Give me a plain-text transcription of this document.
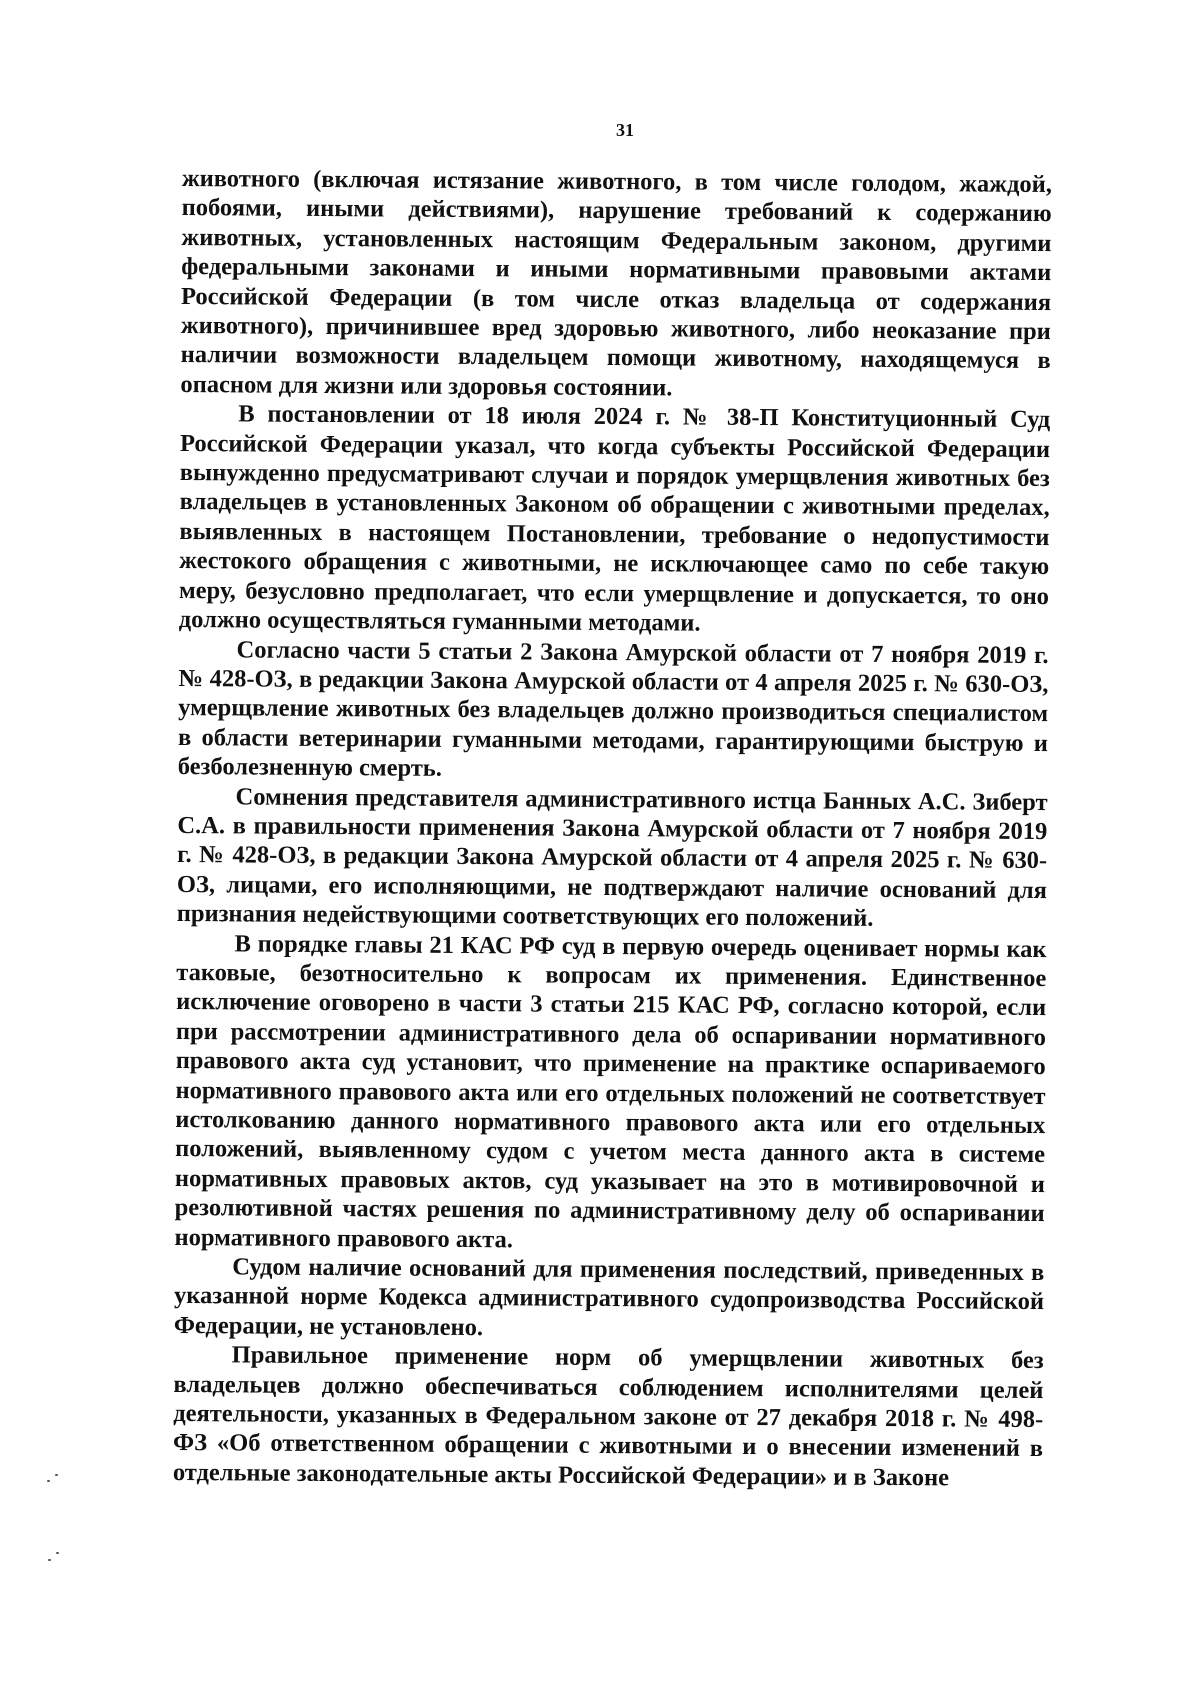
31

животного (включая истязание животного, в том числе голодом, жаждой, побоями, иными действиями), нарушение требований к содержанию животных, установленных настоящим Федеральным законом, другими федеральными законами и иными нормативными правовыми актами Российской Федерации (в том числе отказ владельца от содержания животного), причинившее вред здоровью животного, либо неоказание при наличии возможности владельцем помощи животному, находящемуся в опасном для жизни или здоровья состоянии.

В постановлении от 18 июля 2024 г. № 38-П Конституционный Суд Российской Федерации указал, что когда субъекты Российской Федерации вынужденно предусматривают случаи и порядок умерщвления животных без владельцев в установленных Законом об обращении с животными пределах, выявленных в настоящем Постановлении, требование о недопустимости жестокого обращения с животными, не исключающее само по себе такую меру, безусловно предполагает, что если умерщвление и допускается, то оно должно осуществляться гуманными методами.

Согласно части 5 статьи 2 Закона Амурской области от 7 ноября 2019 г. № 428-ОЗ, в редакции Закона Амурской области от 4 апреля 2025 г. № 630-ОЗ, умерщвление животных без владельцев должно производиться специалистом в области ветеринарии гуманными методами, гарантирующими быструю и безболезненную смерть.

Сомнения представителя административного истца Банных А.С. Зиберт С.А. в правильности применения Закона Амурской области от 7 ноября 2019 г. № 428-ОЗ, в редакции Закона Амурской области от 4 апреля 2025 г. № 630-ОЗ, лицами, его исполняющими, не подтверждают наличие оснований для признания недействующими соответствующих его положений.

В порядке главы 21 КАС РФ суд в первую очередь оценивает нормы как таковые, безотносительно к вопросам их применения. Единственное исключение оговорено в части 3 статьи 215 КАС РФ, согласно которой, если при рассмотрении административного дела об оспаривании нормативного правового акта суд установит, что применение на практике оспариваемого нормативного правового акта или его отдельных положений не соответствует истолкованию данного нормативного правового акта или его отдельных положений, выявленному судом с учетом места данного акта в системе нормативных правовых актов, суд указывает на это в мотивировочной и резолютивной частях решения по административному делу об оспаривании нормативного правового акта.

Судом наличие оснований для применения последствий, приведенных в указанной норме Кодекса административного судопроизводства Российской Федерации, не установлено.

Правильное применение норм об умерщвлении животных без владельцев должно обеспечиваться соблюдением исполнителями целей деятельности, указанных в Федеральном законе от 27 декабря 2018 г. № 498-ФЗ «Об ответственном обращении с животными и о внесении изменений в отдельные законодательные акты Российской Федерации» и в Законе
